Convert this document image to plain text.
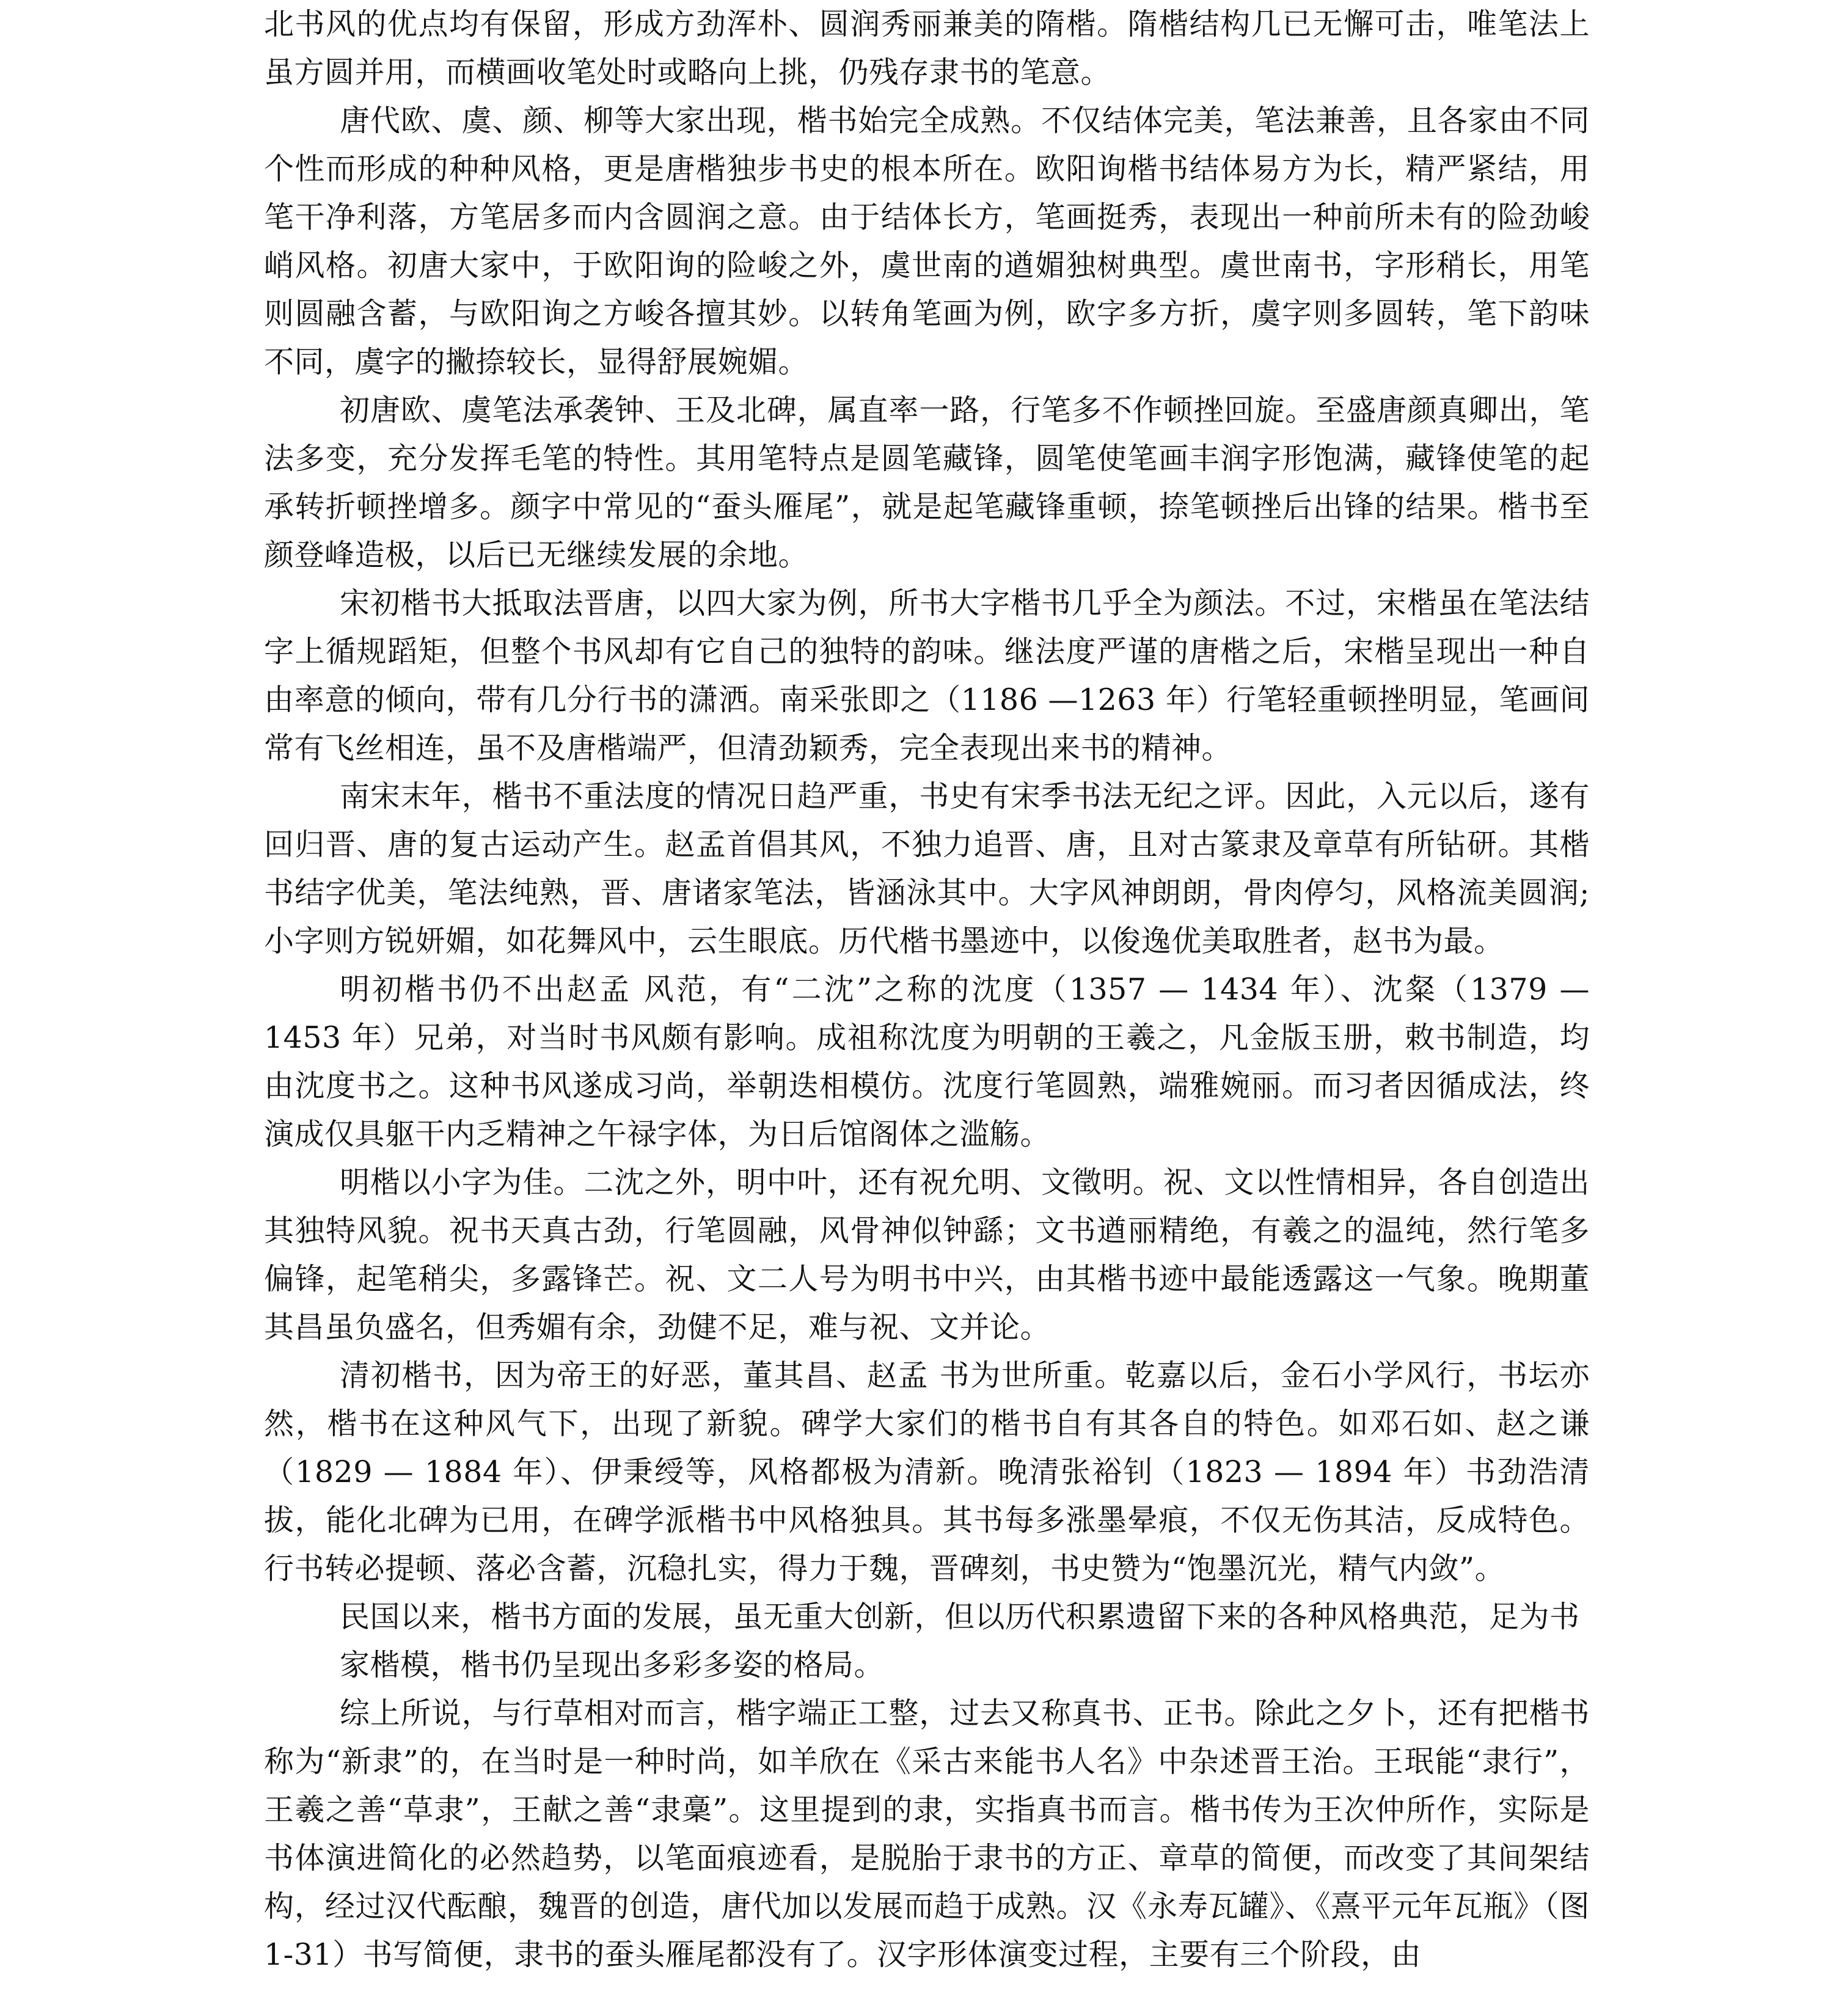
北书风的优点均有保留，形成方劲浑朴、圆润秀丽兼美的隋楷。隋楷结构几已无懈可击，唯笔法上虽方圆并用，而横画收笔处时或略向上挑，仍残存隶书的笔意。

唐代欧、虞、颜、柳等大家出现，楷书始完全成熟。不仅结体完美，笔法兼善，且各家由不同个性而形成的种种风格，更是唐楷独步书史的根本所在。欧阳询楷书结体易方为长，精严紧结，用笔干净利落，方笔居多而内含圆润之意。由于结体长方，笔画挺秀，表现出一种前所未有的险劲峻峭风格。初唐大家中，于欧阳询的险峻之外，虞世南的遒媚独树典型。虞世南书，字形稍长，用笔则圆融含蓄，与欧阳询之方峻各擅其妙。以转角笔画为例，欧字多方折，虞字则多圆转，笔下韵味不同，虞字的撇捺较长，显得舒展婉媚。

初唐欧、虞笔法承袭钟、王及北碑，属直率一路，行笔多不作顿挫回旋。至盛唐颜真卿出，笔法多变，充分发挥毛笔的特性。其用笔特点是圆笔藏锋，圆笔使笔画丰润字形饱满，藏锋使笔的起承转折顿挫增多。颜字中常见的“蚕头雁尾”，就是起笔藏锋重顿，捺笔顿挫后出锋的结果。楷书至颜登峰造极，以后已无继续发展的余地。

宋初楷书大抵取法晋唐，以四大家为例，所书大字楷书几乎全为颜法。不过，宋楷虽在笔法结字上循规蹈矩，但整个书风却有它自己的独特的韵味。继法度严谨的唐楷之后，宋楷呈现出一种自由率意的倾向，带有几分行书的潇洒。南采张即之（1186 —1263 年）行笔轻重顿挫明显，笔画间常有飞丝相连，虽不及唐楷端严，但清劲颖秀，完全表现出来书的精神。

南宋末年，楷书不重法度的情况日趋严重，书史有宋季书法无纪之评。因此，入元以后，遂有回归晋、唐的复古运动产生。赵孟首倡其风，不独力追晋、唐，且对古篆隶及章草有所钻研。其楷书结字优美，笔法纯熟，晋、唐诸家笔法，皆涵泳其中。大字风神朗朗，骨肉停匀，风格流美圆润;小字则方锐妍媚，如花舞风中，云生眼底。历代楷书墨迹中，以俊逸优美取胜者，赵书为最。

明初楷书仍不出赵孟 风范，有“二沈”之称的沈度（1357 — 1434 年）、沈粲（1379 — 1453 年）兄弟，对当时书风颇有影响。成祖称沈度为明朝的王羲之，凡金版玉册，敕书制造，均由沈度书之。这种书风遂成习尚，举朝迭相模仿。沈度行笔圆熟，端雅婉丽。而习者因循成法，终演成仅具躯干内乏精神之午禄字体，为日后馆阁体之滥觞。

明楷以小字为佳。二沈之外，明中叶，还有祝允明、文徵明。祝、文以性情相异，各自创造出其独特风貌。祝书天真古劲，行笔圆融，风骨神似钟繇；文书遒丽精绝，有羲之的温纯，然行笔多偏锋，起笔稍尖，多露锋芒。祝、文二人号为明书中兴，由其楷书迹中最能透露这一气象。晚期董其昌虽负盛名，但秀媚有余，劲健不足，难与祝、文并论。

清初楷书，因为帝王的好恶，董其昌、赵孟 书为世所重。乾嘉以后，金石小学风行，书坛亦然，楷书在这种风气下，出现了新貌。碑学大家们的楷书自有其各自的特色。如邓石如、赵之谦（1829 — 1884 年）、伊秉绶等，风格都极为清新。晚清张裕钊（1823 — 1894 年）书劲浩清拔，能化北碑为已用，在碑学派楷书中风格独具。其书每多涨墨晕痕，不仅无伤其洁，反成特色。行书转必提顿、落必含蓄，沉稳扎实，得力于魏，晋碑刻，书史赞为“饱墨沉光，精气内敛”。

民国以来，楷书方面的发展，虽无重大创新，但以历代积累遗留下来的各种风格典范，足为书

家楷模，楷书仍呈现出多彩多姿的格局。

综上所说，与行草相对而言，楷字端正工整，过去又称真书、正书。除此之夕卜，还有把楷书称为“新隶”的，在当时是一种时尚，如羊欣在《采古来能书人名》中杂述晋王治。王珉能“隶行”，王羲之善“草隶”，王献之善“隶稾”。这里提到的隶，实指真书而言。楷书传为王次仲所作，实际是书体演进简化的必然趋势，以笔面痕迹看，是脱胎于隶书的方正、章草的简便，而改变了其间架结构，经过汉代酝酿，魏晋的创造，唐代加以发展而趋于成熟。汉《永寿瓦罐》、《熹平元年瓦瓶》（图 1-31）书写简便，隶书的蚕头雁尾都没有了。汉字形体演变过程，主要有三个阶段，由
